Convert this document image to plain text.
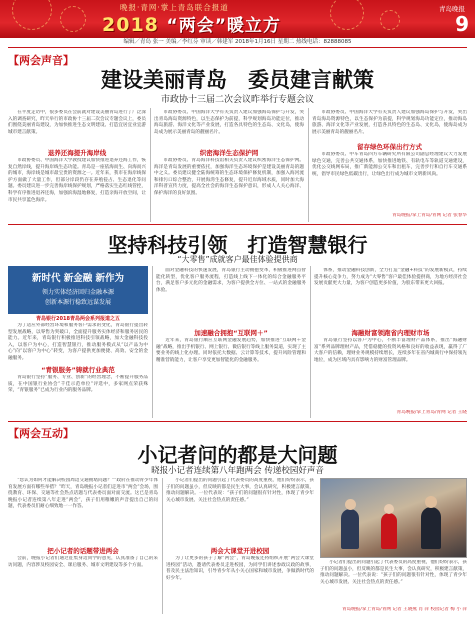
晚报·青网·掌上青岛联合报道
2018 “两会”暖立方
青岛晚报
9
编辑／青岛 张一 美编／李红芬 审读／韩建军 2018年1月16日 星期二 热线电话：82888085
【两会声音】
建设美丽青岛　委员建言献策
市政协十三届二次会议昨举行专题会议

在平度走访中，很多委员在会前就对建设美丽青岛进行了广泛深入的调查研究，昨天举行的市政协十三届二次会议专题会议上，委员们围绕美丽青岛建设，为加快推进生态文明建设、打造宜居宜业宜游城市建言献策。

退养还海提升海岸线

市政协委员、中国海洋大学教授建议加快推进退养还海工作，恢复自然岸线，提升海岸线生态功能。青岛是一座依海而生、向海而兴的城市，海岸线是城市最宝贵的资源之一。近年来，我市在海岸线保护方面做了大量工作，但部分岸段仍存在养殖侵占、生态退化等问题。委员建议进一步完善海岸线保护规划，严格落实生态红线管控，科学有序推进退养还海，加强滨海湿地修复，打造亲海开放空间，让市民共享蓝色海岸。

市政协委员、中国海洋大学有关负责人建议加强海岛保护与开发，突出青岛海岛资源特色，以生态保护为前提，科学规划海岛功能定位，推动海岛旅游、海洋文化等产业发展，打造各具特色的生态岛、文化岛，使海岛成为展示美丽青岛的靓丽名片。

织密海洋生态保护网

市政协委员、青岛海洋科技馆相关负责人建议织密海洋生态保护网。海洋是青岛发展的重要依托，加强海洋生态环境保护是建设美丽青岛的题中之义。委员建议健全陆海统筹的生态环境保护修复机制，加强入海河流和排污口综合整治，开展海湾生态修复，提升近岸海域水质，同时加大海洋科普宣传力度，提高全社会的海洋生态保护意识，形成人人关心海洋、保护海洋的良好氛围。

市政协委员、中国海洋大学有关负责人建议加强海岛保护与开发，突出青岛海岛资源特色，以生态保护为前提，科学规划海岛功能定位，推动海岛旅游、海洋文化等产业发展，打造各具特色的生态岛、文化岛，使海岛成为展示美丽青岛的靓丽名片。

留存绿色环保出行方式

市政协委员、中车青岛四方车辆研究所有限公司副总经理建议大力发展绿色交通，完善公共交通体系，加快推进地铁、有轨电车等轨道交通建设，优化公交线网布局，推广新能源公交车和出租车，完善步行和自行车交通系统，倡导市民绿色低碳出行，让绿色出行成为城市文明新风尚。

青岛晚报/掌上青岛/青网 记者 张春华
坚持科技引领　打造智慧银行
“大零售”成就客户最佳体验提供商
新时代 新金融 新作为
领力实体经济回归金融本源
创新本源行稳致远谋发展
青岛银行2018青岛两会系列报道之五

为了适应外部经营环境和服务客户需求的变化，青岛银行提出转型发展战略，以零售为突破口，全面提升服务实体经济和服务居民的能力。近年来，青岛银行积极推进科技引领战略，加大金融科技投入，以客户为中心，打造智慧银行，推动服务模式从“以产品为中心”向“以客户为中心”转变，为客户提供更加便捷、高效、安全的金融服务。

“青银服务”铸就行业典范

青岛银行坚持“服务、专业、创新”的经营理念，不断提升服务品质，在中国银行业协会“千佳示范单位”评选中，多家网点荣获殊荣，“青银服务”已成为行业内的服务品牌。

面对金融科技的快速发展，青岛银行主动拥抱变革，积极推进网点智能化转型，优化客户服务流程，打造线上线下一体化的综合金融服务平台，满足客户多元化的金融需求，为客户提供全方位、一站式的金融服务体验。

加速融合拥抱“互联网＋”

近年来，青岛银行顺应互联网金融发展趋势，加快推进“互联网＋金融”战略，推出手机银行、网上银行、微信银行等线上服务渠道，实现了主要业务的线上化办理。同时依托大数据、云计算等技术，提升风险管理和精准营销能力，让客户享受更加智能化的金融服务。

体系，推动金融科技创新，全力打造“金融+科技”的发展新模式，持续提升核心竞争力，努力成为“大零售”客户最佳体验提供商，为地方经济社会发展贡献更大力量，为客户创造更多价值，为股东带来更大回报。

海融财富领跑省内理财市场

青岛银行坚持以客户为中心，不断丰富理财产品体系，推出“海融财富”系列品牌理财产品，凭借稳健的投资风格和良好的收益表现，赢得了广大客户的信赖，理财业务规模持续增长，连续多年在省内城商行中保持领先地位，成为区域内具有影响力的财富管理品牌。

青岛晚报/掌上青岛/青网 记者 王晓
【两会互动】
小记者问的都是大问题
晓报小记者连续第八年跑两会 传递校园好声音

“您认为如何才能解决校园周边交通拥堵问题？”“政府在推动青少年体育发展方面有哪些举措？”昨天，青岛晚报小记者们走进市“两会”会场，围绕教育、环保、交通等社会热点话题与代表委员面对面交流。这已是青岛晚报小记者连续第八年走进“两会”，孩子们用稚嫩的声音提出自己的问题，代表委员们耐心细致地一一作答。

把小记者的话题带进两会

会前，晚报小记者们通过征集身边同学的意见，认真准备了自己的采访问题，内容涉及校园安全、课后服务、城市文明建设等多个方面。

小记者们提出的问题引起了代表委员的高度重视，他们纷纷表示，孩子们的问题虽小，但反映的都是民生大事，会认真研究，积极建言献策，推动问题解决。一位代表说：“孩子们的问题很有针对性，体现了青少年关心城市发展、关注社会热点的责任感。”

两会大课堂开进校园

为了让更多的孩子了解“两会”，青岛晚报还将组织开展“两会大课堂进校园”活动，邀请代表委员走进校园，为同学们讲述参政议政的故事，普及民主法治知识，引导青少年从小关心国家和城市发展，争做新时代的好少年。

小记者们提出的问题引起了代表委员的高度重视，他们纷纷表示，孩子们的问题虽小，但反映的都是民生大事，会认真研究，积极建言献策，推动问题解决。一位代表说：“孩子们的问题很有针对性，体现了青少年关心城市发展、关注社会热点的责任感。”

青岛晚报/掌上青岛/青网 记者 王晓燕 肖 萍 校园记者 梅 小 萍
